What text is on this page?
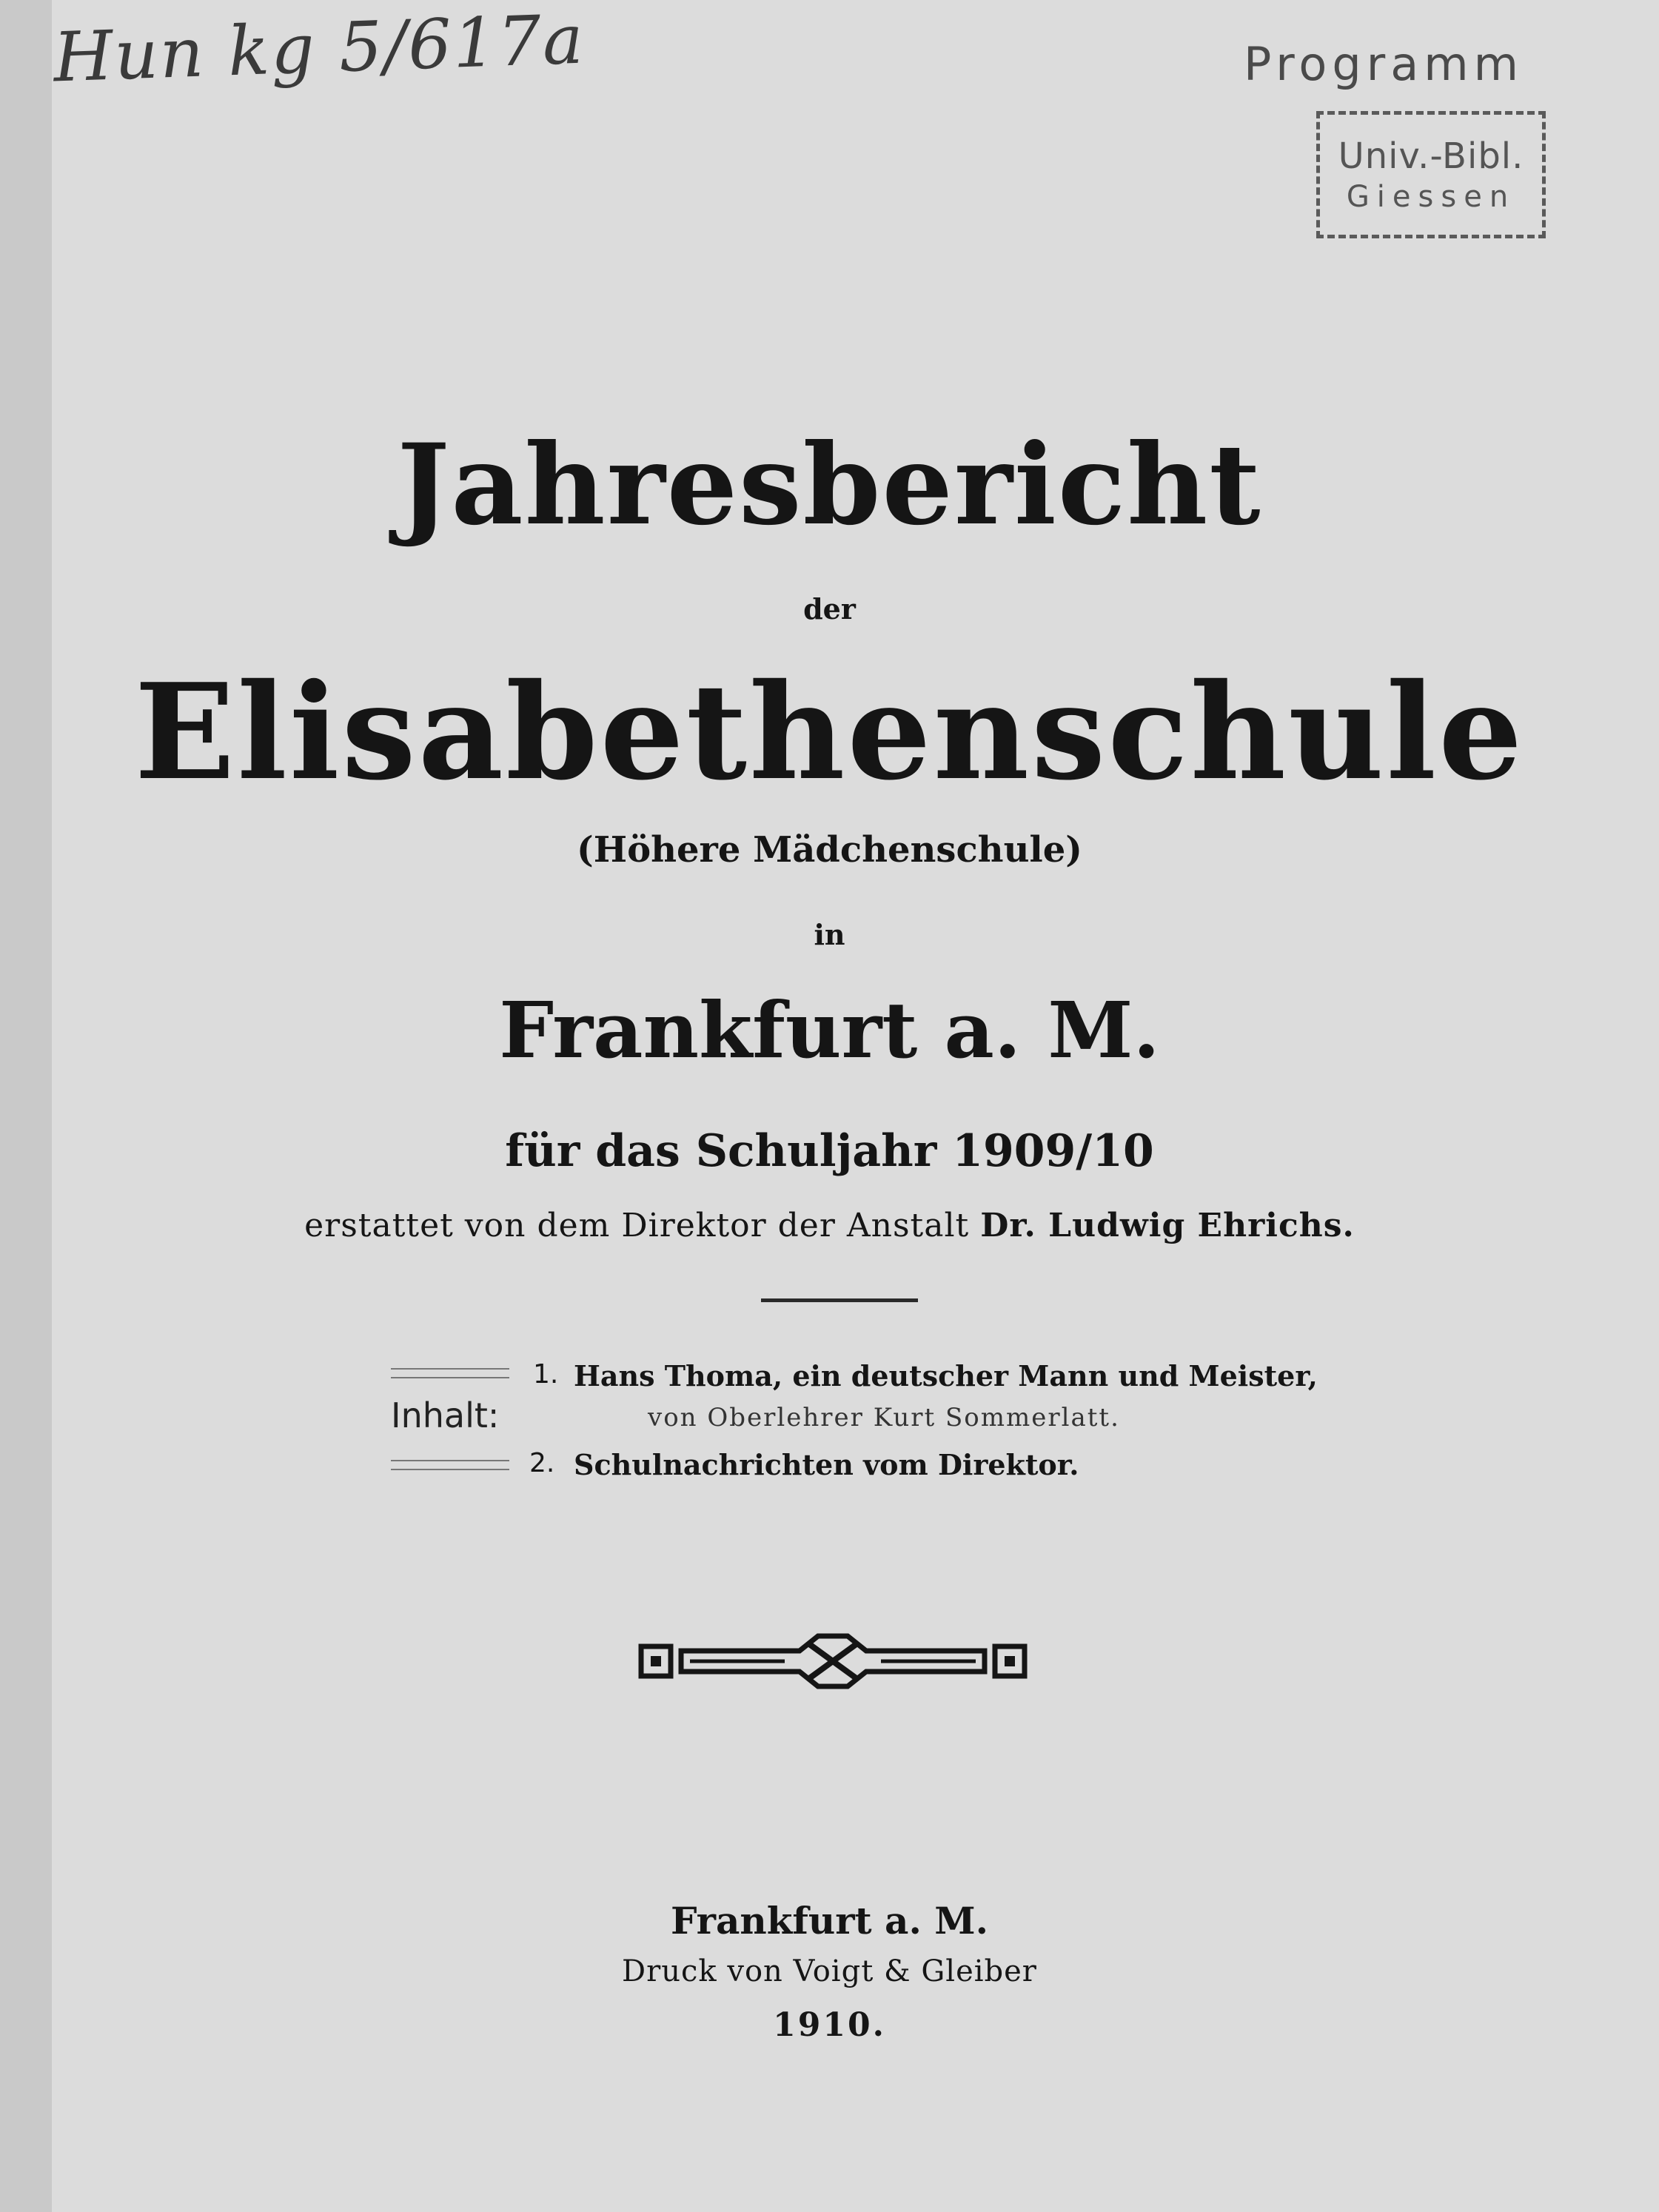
Hun kg 5/617a	Programm
Univ.-Bibl.
Giessen
Jahresbericht
der
Elisabethenschule
(Höhere Mädchenschule)
in
Frankfurt a. M.
für das Schuljahr 1909/10
erstattet von dem Direktor der Anstalt Dr. Ludwig Ehrichs.
Inhalt:
1. Hans Thoma, ein deutscher Mann und Meister,
von Oberlehrer Kurt Sommerlatt.
2. Schulnachrichten vom Direktor.
Frankfurt a. M.
Druck von Voigt & Gleiber
1910.
